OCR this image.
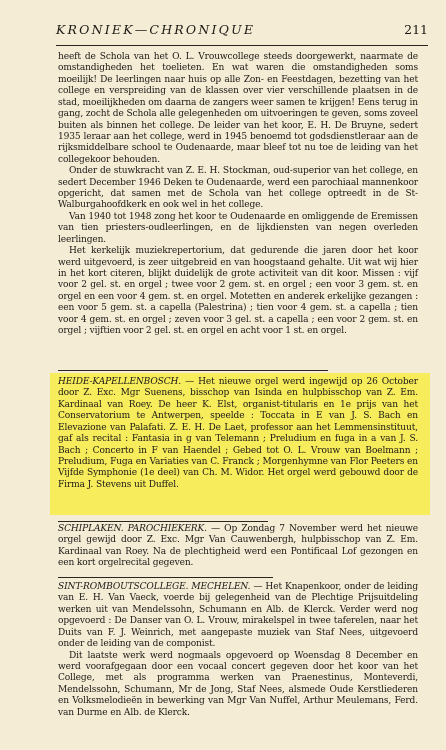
KRONIEK—CHRONIQUE	211

heeft de Schola van het O. L. Vrouwcollege steeds doorgewerkt, naarmate de omstandigheden het toelieten. En wat waren die omstandigheden soms moeilijk! De leerlingen naar huis op alle Zon- en Feestdagen, bezetting van het college en verspreiding van de klassen over vier verschillende plaatsen in de stad, moeilijkheden om daarna de zangers weer samen te krijgen! Eens terug in gang, zocht de Schola alle gelegenheden om uitvoeringen te geven, soms zoveel buiten als binnen het college. De leider van het koor, E. H. De Bruyne, sedert 1935 leraar aan het college, werd in 1945 benoemd tot godsdienstleraar aan de rijksmiddelbare school te Oudenaarde, maar bleef tot nu toe de leiding van het collegekoor behouden.

Onder de stuwkracht van Z. E. H. Stockman, oud-superior van het college, en sedert December 1946 Deken te Oudenaarde, werd een parochiaal mannenkoor opgericht, dat samen met de Schola van het college optreedt in de St-Walburgahoofdkerk en ook wel in het college.

Van 1940 tot 1948 zong het koor te Oudenaarde en omliggende de Eremissen van tien priesters-oudleerlingen, en de lijkdiensten van negen overleden leerlingen.

Het kerkelijk muziekrepertorium, dat gedurende die jaren door het koor werd uitgevoerd, is zeer uitgebreid en van hoogstaand gehalte. Uit wat wij hier in het kort citeren, blijkt duidelijk de grote activiteit van dit koor. Missen : vijf voor 2 gel. st. en orgel ; twee voor 2 gem. st. en orgel ; een voor 3 gem. st. en orgel en een voor 4 gem. st. en orgel. Motetten en anderek erkelijke gezangen : een voor 5 gem. st. a capella (Palestrina) ; tien voor 4 gem. st. a capella ; tien voor 4 gem. st. en orgel ; zeven voor 3 gel. st. a capella ; een voor 2 gem. st. en orgel ; vijftien voor 2 gel. st. en orgel en acht voor 1 st. en orgel.

HEIDE-KAPELLENBOSCH. — Het nieuwe orgel werd ingewijd op 26 October door Z. Exc. Mgr Suenens, bisschop van Isinda en hulpbisschop van Z. Em. Kardinaal van Roey. De heer K. Elst, organist-titularis en 1e prijs van het Conservatorium te Antwerpen, speelde : Toccata in E van J. S. Bach en Elevazione van Palafati. Z. E. H. De Laet, professor aan het Lemmensinstituut, gaf als recital : Fantasia in g van Telemann ; Preludium en fuga in a van J. S. Bach ; Concerto in F van Haendel ; Gebed tot O. L. Vrouw van Boelmann ; Preludium, Fuga en Variaties van C. Franck ; Morgenhymne van Flor Peeters en Vijfde Symphonie (1e deel) van Ch. M. Widor. Het orgel werd gebouwd door de Firma J. Stevens uit Duffel.

SCHIPLAKEN. PAROCHIEKERK. — Op Zondag 7 November werd het nieuwe orgel gewijd door Z. Exc. Mgr Van Cauwenbergh, hulpbisschop van Z. Em. Kardinaal van Roey. Na de plechtigheid werd een Pontificaal Lof gezongen en een kort orgelrecital gegeven.

SINT-ROMBOUTSCOLLEGE. MECHELEN. — Het Knapenkoor, onder de leiding van E. H. Van Vaeck, voerde bij gelegenheid van de Plechtige Prijsuitdeling werken uit van Mendelssohn, Schumann en Alb. de Klerck. Verder werd nog opgevoerd : De Danser van O. L. Vrouw, mirakelspel in twee taferelen, naar het Duits van F. J. Weinrich, met aangepaste muziek van Staf Nees, uitgevoerd onder de leiding van de componist.

Dit laatste werk werd nogmaals opgevoerd op Woensdag 8 December en werd voorafgegaan door een vocaal concert gegeven door het koor van het College, met als programma werken van Praenestinus, Monteverdi, Mendelssohn, Schumann, Mr de Jong, Staf Nees, alsmede Oude Kerstliederen en Volksmelodieën in bewerking van Mgr Van Nuffel, Arthur Meulemans, Ferd. van Durme en Alb. de Klerck.
